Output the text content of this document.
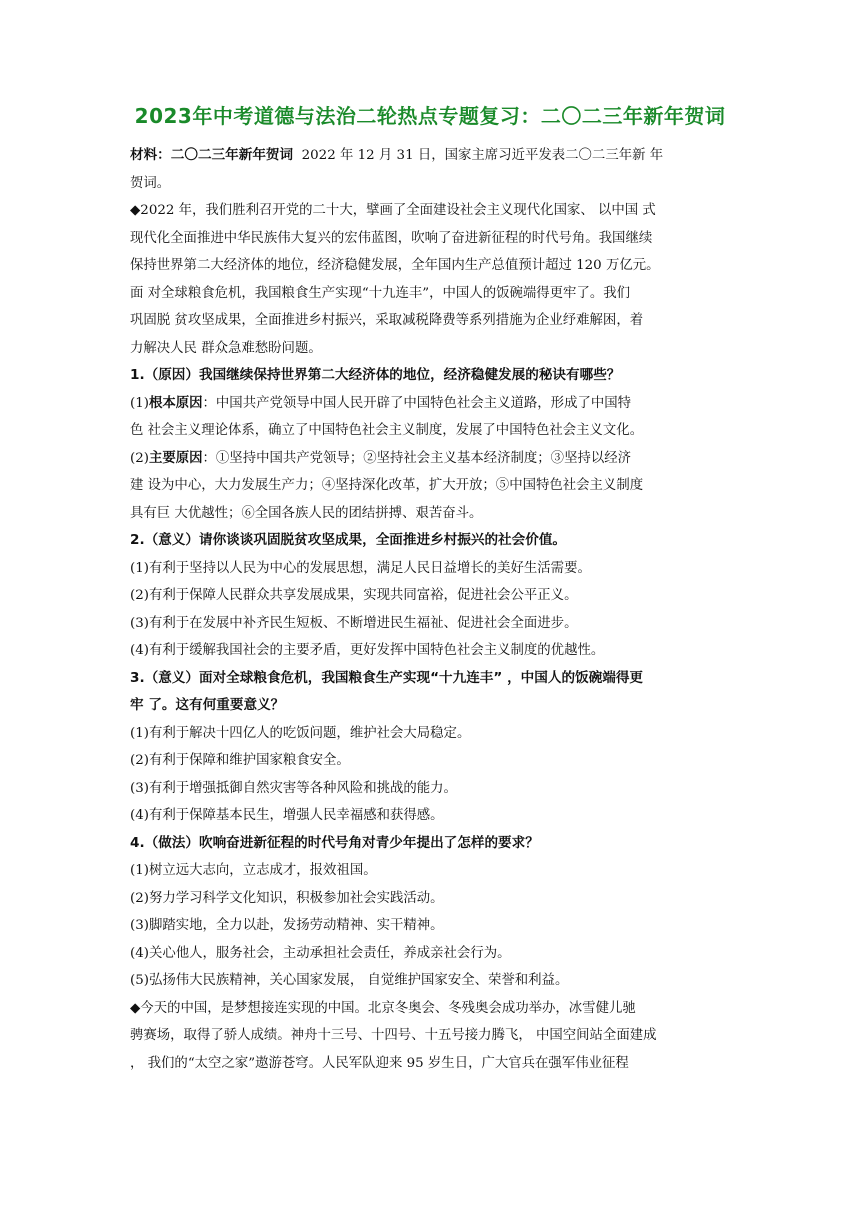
2023年中考道德与法治二轮热点专题复习：二〇二三年新年贺词
材料：二〇二三年新年贺词  2022 年 12 月 31 日，国家主席习近平发表二〇二三年新 年
贺词。
◆2022 年，我们胜利召开党的二十大，擘画了全面建设社会主义现代化国家、 以中国 式
现代化全面推进中华民族伟大复兴的宏伟蓝图，吹响了奋进新征程的时代号角。我国继续
保持世界第二大经济体的地位，经济稳健发展，全年国内生产总值预计超过 120 万亿元。
面 对全球粮食危机，我国粮食生产实现“十九连丰”，中国人的饭碗端得更牢了。我们
巩固脱 贫攻坚成果，全面推进乡村振兴，采取减税降费等系列措施为企业纾难解困，着
力解决人民 群众急难愁盼问题。
1.（原因）我国继续保持世界第二大经济体的地位，经济稳健发展的秘诀有哪些？
(1)根本原因：中国共产党领导中国人民开辟了中国特色社会主义道路，形成了中国特
色 社会主义理论体系，确立了中国特色社会主义制度，发展了中国特色社会主义文化。
(2)主要原因：①坚持中国共产党领导；②坚持社会主义基本经济制度；③坚持以经济
建 设为中心，大力发展生产力；④坚持深化改革，扩大开放；⑤中国特色社会主义制度
具有巨 大优越性；⑥全国各族人民的团结拼搏、艰苦奋斗。
2.（意义）请你谈谈巩固脱贫攻坚成果，全面推进乡村振兴的社会价值。
(1)有利于坚持以人民为中心的发展思想，满足人民日益增长的美好生活需要。
(2)有利于保障人民群众共享发展成果，实现共同富裕，促进社会公平正义。
(3)有利于在发展中补齐民生短板、不断增进民生福祉、促进社会全面进步。
(4)有利于缓解我国社会的主要矛盾，更好发挥中国特色社会主义制度的优越性。
3.（意义）面对全球粮食危机，我国粮食生产实现“十九连丰” ，中国人的饭碗端得更
牢 了。这有何重要意义？
(1)有利于解决十四亿人的吃饭问题，维护社会大局稳定。
(2)有利于保障和维护国家粮食安全。
(3)有利于增强抵御自然灾害等各种风险和挑战的能力。
(4)有利于保障基本民生，增强人民幸福感和获得感。
4.（做法）吹响奋进新征程的时代号角对青少年提出了怎样的要求？
(1)树立远大志向，立志成才，报效祖国。
(2)努力学习科学文化知识，积极参加社会实践活动。
(3)脚踏实地，全力以赴，发扬劳动精神、实干精神。
(4)关心他人，服务社会，主动承担社会责任，养成亲社会行为。
(5)弘扬伟大民族精神，关心国家发展， 自觉维护国家安全、荣誉和利益。
◆今天的中国，是梦想接连实现的中国。北京冬奥会、冬残奥会成功举办，冰雪健儿驰
骋赛场，取得了骄人成绩。神舟十三号、十四号、十五号接力腾飞， 中国空间站全面建成
， 我们的“太空之家”遨游苍穹。人民军队迎来 95 岁生日，广大官兵在强军伟业征程
